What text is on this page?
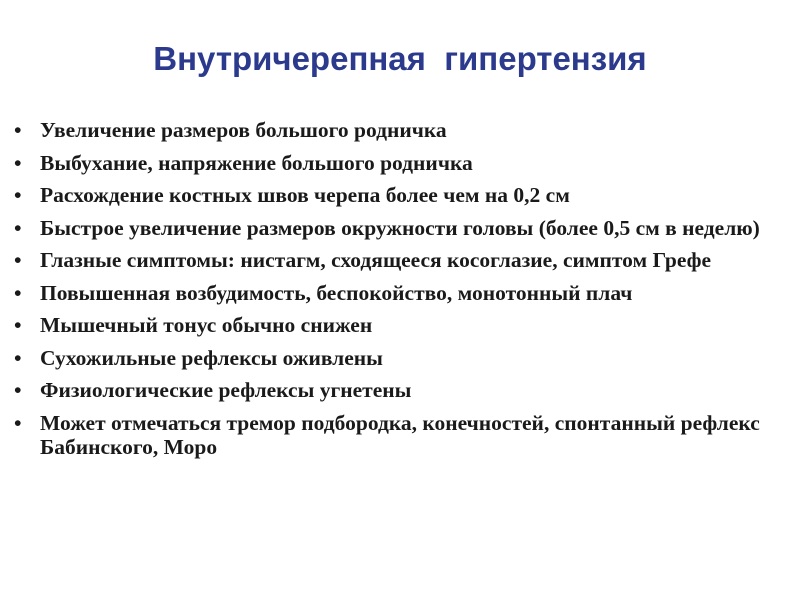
Внутричерепная  гипертензия
• Увеличение размеров большого родничка
• Выбухание, напряжение большого родничка
• Расхождение костных швов черепа более чем на 0,2 см
• Быстрое увеличение размеров окружности головы (более 0,5 см в неделю)
• Глазные симптомы: нистагм, сходящееся косоглазие, симптом Грефе
• Повышенная возбудимость, беспокойство, монотонный плач
• Мышечный тонус обычно снижен
• Сухожильные рефлексы оживлены
• Физиологические рефлексы угнетены
• Может отмечаться тремор подбородка, конечностей, спонтанный рефлекс Бабинского, Моро
